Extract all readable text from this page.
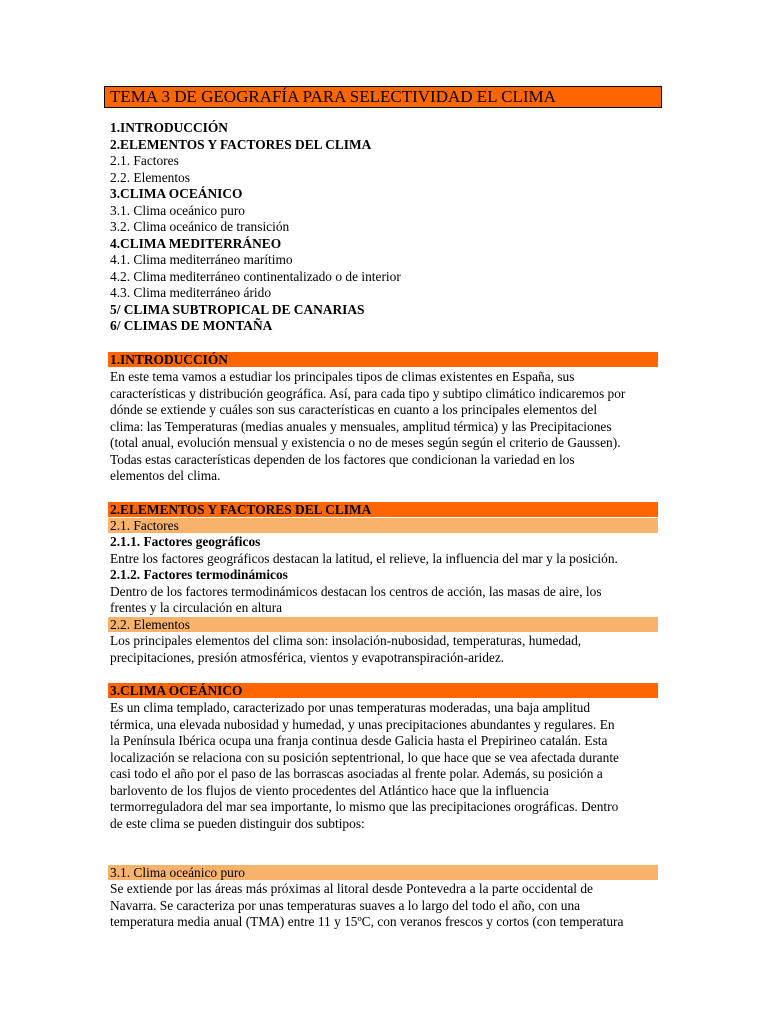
TEMA 3 DE GEOGRAFÍA PARA SELECTIVIDAD EL CLIMA
1.INTRODUCCIÓN
2.ELEMENTOS Y FACTORES DEL CLIMA
2.1. Factores
2.2. Elementos
3.CLIMA OCEÁNICO
3.1. Clima oceánico puro
3.2. Clima oceánico de transición
4.CLIMA MEDITERRÁNEO
4.1. Clima mediterráneo marítimo
4.2. Clima mediterráneo continentalizado o de interior
4.3. Clima mediterráneo árido
5/ CLIMA SUBTROPICAL DE CANARIAS
6/ CLIMAS DE MONTAÑA
1.INTRODUCCIÓN
En este tema vamos a estudiar los principales tipos de climas existentes en España, sus
características y distribución geográfica. Así, para cada tipo y subtipo climático indicaremos por
dónde se extiende y cuáles son sus características en cuanto a los principales elementos del
clima: las Temperaturas (medias anuales y mensuales, amplitud térmica) y las Precipitaciones
(total anual, evolución mensual y existencia o no de meses según según el criterio de Gaussen).
Todas estas características dependen de los factores que condicionan la variedad en los
elementos del clima.
2.ELEMENTOS Y FACTORES DEL CLIMA
2.1. Factores
2.1.1. Factores geográficos
Entre los factores geográficos destacan la latitud, el relieve, la influencia del mar y la posición.
2.1.2. Factores termodinámicos
Dentro de los factores termodinámicos destacan los centros de acción, las masas de aire, los
frentes y la circulación en altura
2.2. Elementos
Los principales elementos del clima son: insolación-nubosidad, temperaturas, humedad,
precipitaciones, presión atmosférica, vientos y evapotranspiración-aridez.
3.CLIMA OCEÁNICO
Es un clima templado, caracterizado por unas temperaturas moderadas, una baja amplitud
térmica, una elevada nubosidad y humedad, y unas precipitaciones abundantes y regulares. En
la Península Ibérica ocupa una franja continua desde Galicia hasta el Prepirineo catalán. Esta
localización se relaciona con su posición septentrional, lo que hace que se vea afectada durante
casi todo el año por el paso de las borrascas asociadas al frente polar. Además, su posición a
barlovento de los flujos de viento procedentes del Atlántico hace que la influencia
termorreguladora del mar sea importante, lo mismo que las precipitaciones orográficas. Dentro
de este clima se pueden distinguir dos subtipos:
3.1. Clima oceánico puro
Se extiende por las áreas más próximas al litoral desde Pontevedra a la parte occidental de
Navarra. Se caracteriza por unas temperaturas suaves a lo largo del todo el año, con una
temperatura media anual (TMA) entre 11 y 15ºC, con veranos frescos y cortos (con temperatura
